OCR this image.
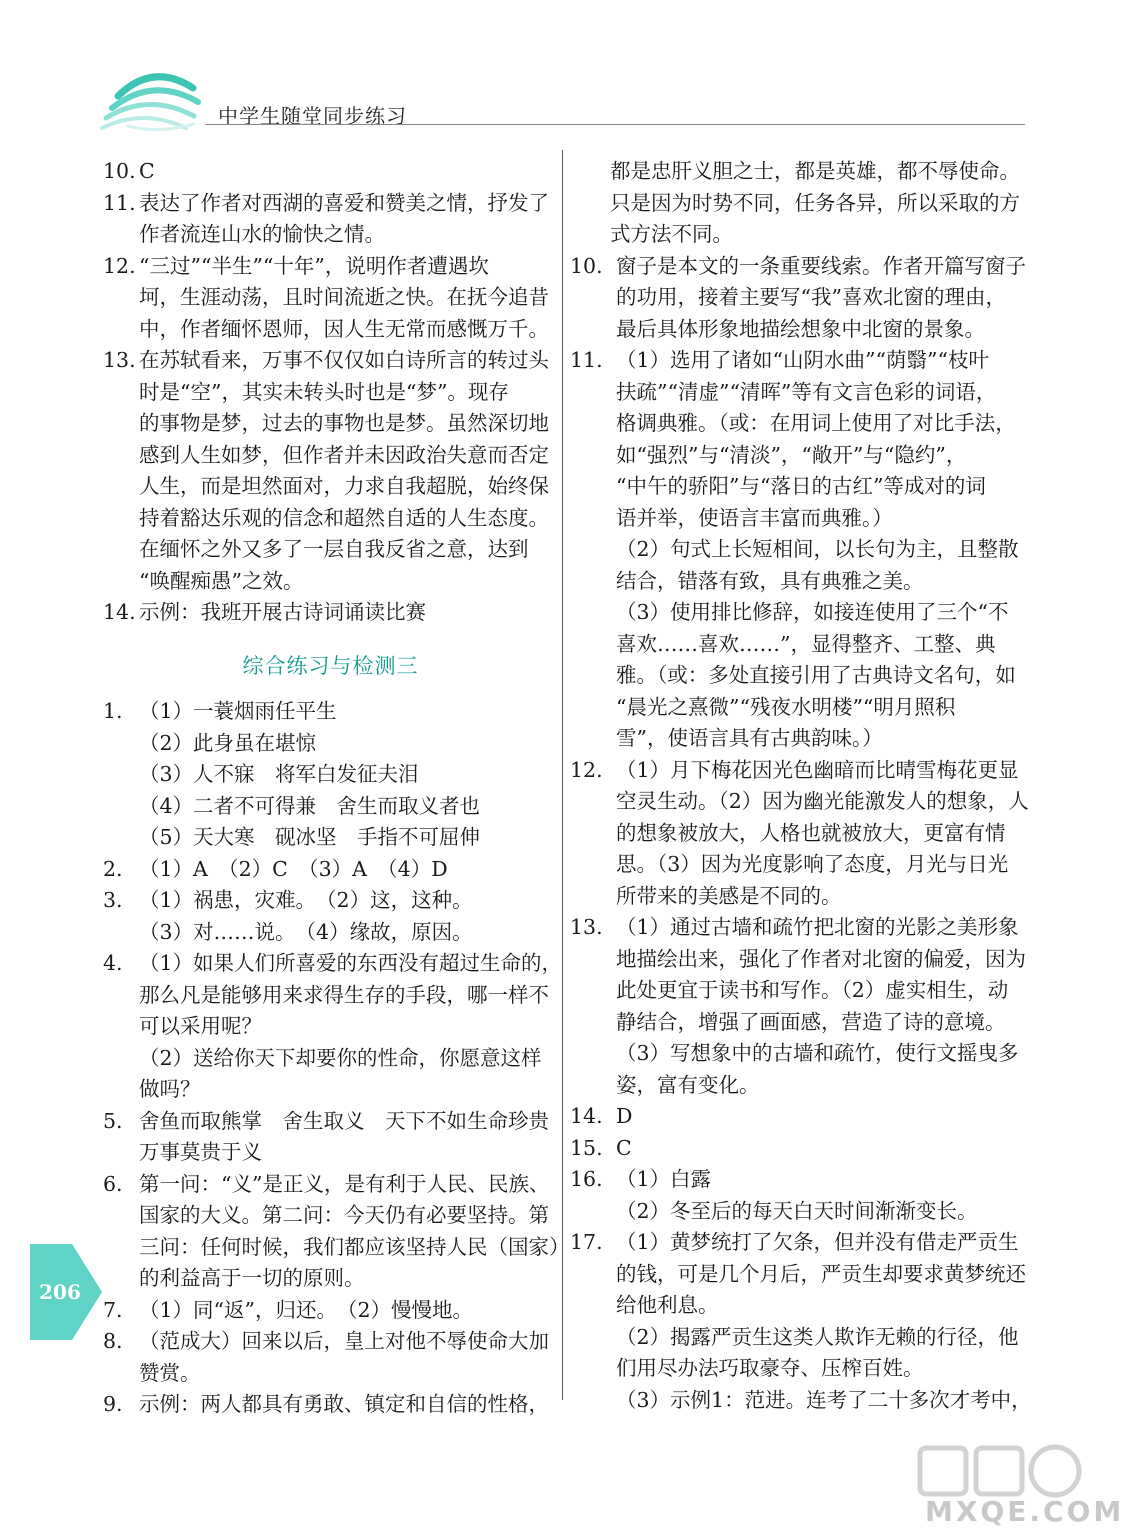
中学生随堂同步练习
10. C
11. 表达了作者对西湖的喜爱和赞美之情，抒发了
作者流连山水的愉快之情。
12. “三过”“半生”“十年”，说明作者遭遇坎
坷，生涯动荡，且时间流逝之快。在抚今追昔
中，作者缅怀恩师，因人生无常而感慨万千。
13. 在苏轼看来，万事不仅仅如白诗所言的转过头
时是“空”，其实未转头时也是“梦”。现存
的事物是梦，过去的事物也是梦。虽然深切地
感到人生如梦，但作者并未因政治失意而否定
人生，而是坦然面对，力求自我超脱，始终保
持着豁达乐观的信念和超然自适的人生态度。
在缅怀之外又多了一层自我反省之意，达到
“唤醒痴愚”之效。
14. 示例：我班开展古诗词诵读比赛
综合练习与检测三
1. （1）一蓑烟雨任平生
（2）此身虽在堪惊
（3）人不寐　将军白发征夫泪
（4）二者不可得兼　舍生而取义者也
（5）天大寒　砚冰坚　手指不可屈伸
2. （1）A　（2）C　（3）A　（4）D
3. （1）祸患，灾难。　（2）这，这种。
（3）对……说。　（4）缘故，原因。
4. （1）如果人们所喜爱的东西没有超过生命的，
那么凡是能够用来求得生存的手段，哪一样不
可以采用呢？
（2）送给你天下却要你的性命，你愿意这样
做吗？
5. 舍鱼而取熊掌　舍生取义　天下不如生命珍贵
万事莫贵于义
6. 第一问：“义”是正义，是有利于人民、民族、
国家的大义。第二问：今天仍有必要坚持。第
三问：任何时候，我们都应该坚持人民（国家）
的利益高于一切的原则。
7. （1）同“返”，归还。　（2）慢慢地。
8. （范成大）回来以后，皇上对他不辱使命大加
赞赏。
9. 示例：两人都具有勇敢、镇定和自信的性格，
都是忠肝义胆之士，都是英雄，都不辱使命。
只是因为时势不同，任务各异，所以采取的方
式方法不同。
10. 窗子是本文的一条重要线索。作者开篇写窗子
的功用，接着主要写“我”喜欢北窗的理由，
最后具体形象地描绘想象中北窗的景象。
11. （1）选用了诸如“山阴水曲”“荫翳”“枝叶
扶疏”“清虚”“清晖”等有文言色彩的词语，
格调典雅。（或：在用词上使用了对比手法，
如“强烈”与“清淡”，“敞开”与“隐约”，
“中午的骄阳”与“落日的古红”等成对的词
语并举，使语言丰富而典雅。）
（2）句式上长短相间，以长句为主，且整散
结合，错落有致，具有典雅之美。
（3）使用排比修辞，如接连使用了三个“不
喜欢……喜欢……”，显得整齐、工整、典
雅。（或：多处直接引用了古典诗文名句，如
“晨光之熹微”“残夜水明楼”“明月照积
雪”，使语言具有古典韵味。）
12. （1）月下梅花因光色幽暗而比晴雪梅花更显
空灵生动。（2）因为幽光能激发人的想象，人
的想象被放大，人格也就被放大，更富有情
思。（3）因为光度影响了态度，月光与日光
所带来的美感是不同的。
13. （1）通过古墙和疏竹把北窗的光影之美形象
地描绘出来，强化了作者对北窗的偏爱，因为
此处更宜于读书和写作。（2）虚实相生，动
静结合，增强了画面感，营造了诗的意境。
（3）写想象中的古墙和疏竹，使行文摇曳多
姿，富有变化。
14. D
15. C
16. （1）白露
（2）冬至后的每天白天时间渐渐变长。
17. （1）黄梦统打了欠条，但并没有借走严贡生
的钱，可是几个月后，严贡生却要求黄梦统还
给他利息。
（2）揭露严贡生这类人欺诈无赖的行径，他
们用尽办法巧取豪夺、压榨百姓。
（3）示例1：范进。连考了二十多次才考中，
206
MXQE.COM
